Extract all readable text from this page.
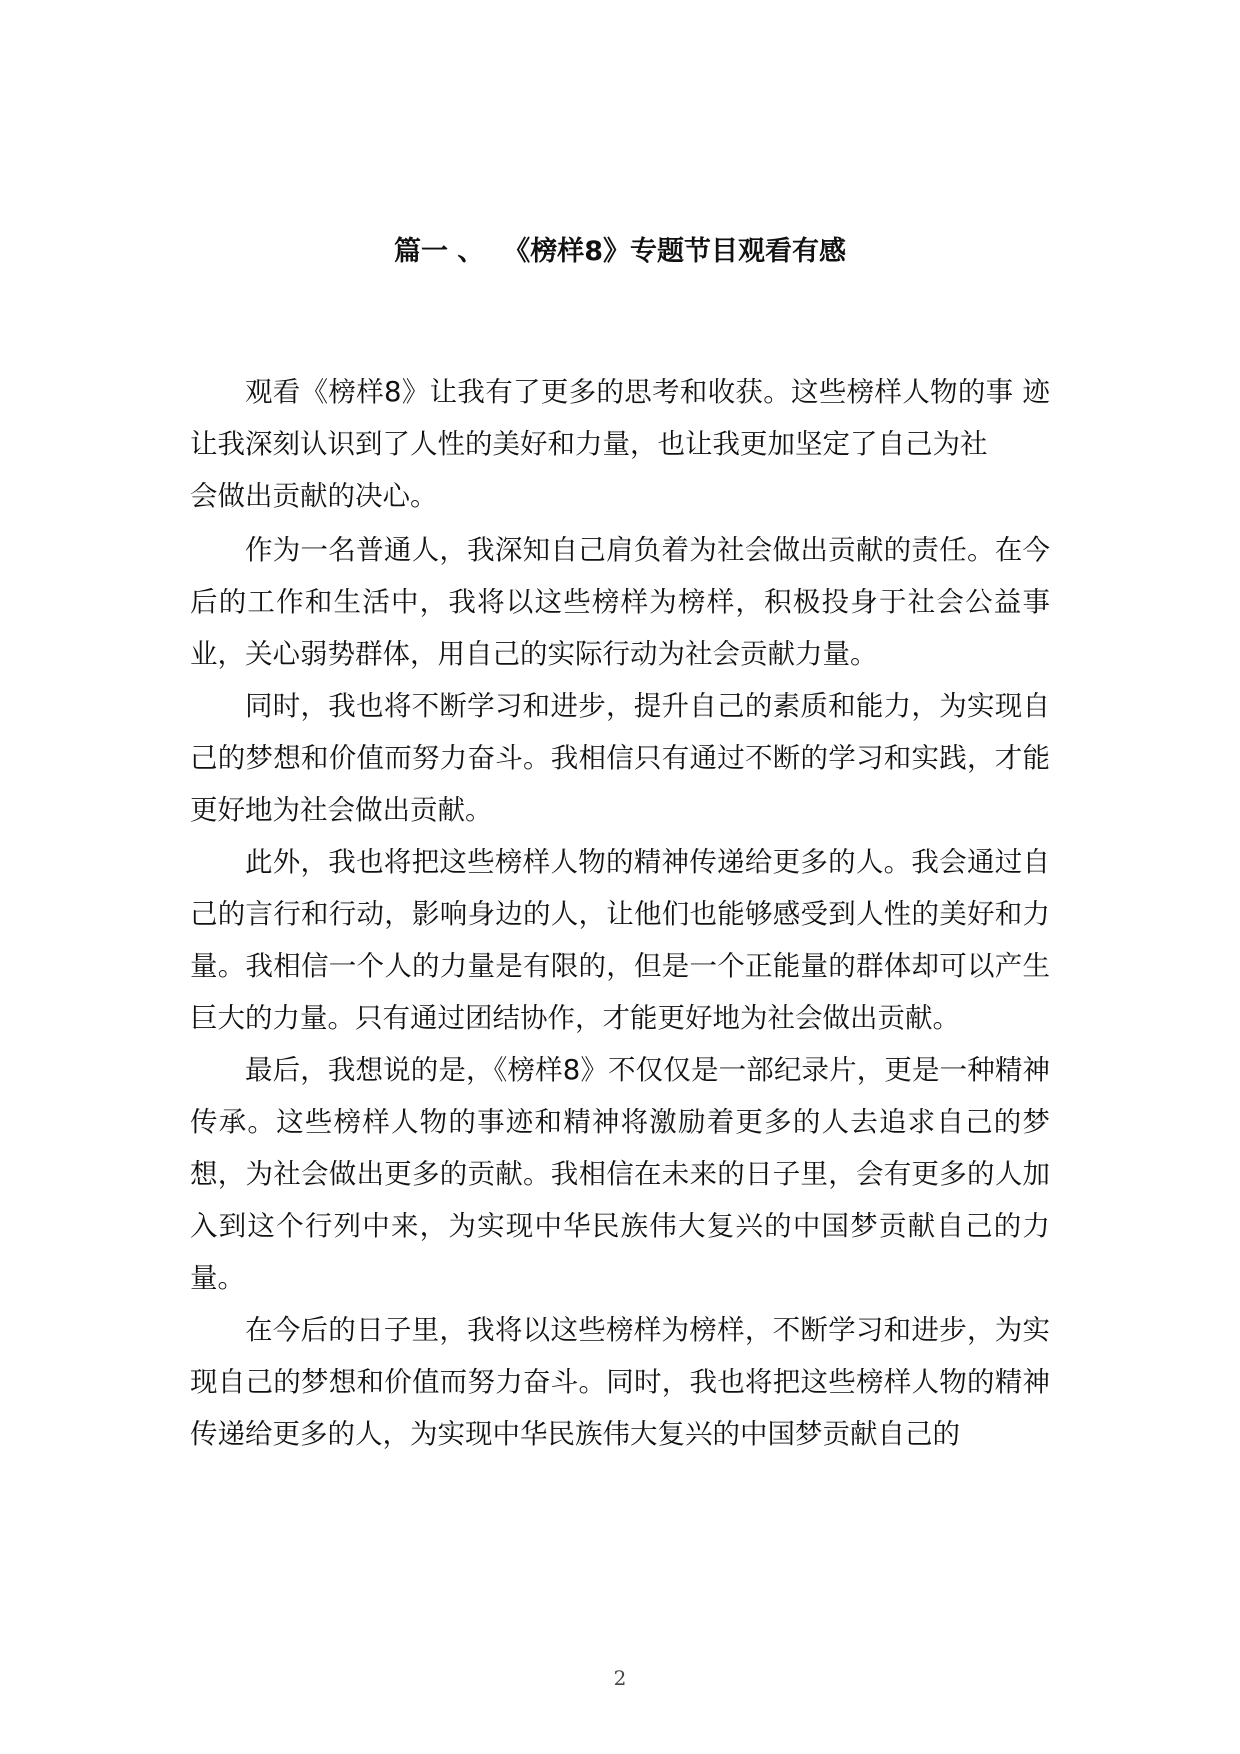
篇一 、  《榜样8》专题节目观看有感

观看《榜样8》让我有了更多的思考和收获。这些榜样人物的事 迹让我深刻认识到了人性的美好和力量，也让我更加坚定了自己为社
会做出贡献的决心。

作为一名普通人，我深知自己肩负着为社会做出贡献的责任。在今后的工作和生活中，我将以这些榜样为榜样，积极投身于社会公益事业，关心弱势群体，用自己的实际行动为社会贡献力量。

同时，我也将不断学习和进步，提升自己的素质和能力，为实现自己的梦想和价值而努力奋斗。我相信只有通过不断的学习和实践，才能更好地为社会做出贡献。

此外，我也将把这些榜样人物的精神传递给更多的人。我会通过自己的言行和行动，影响身边的人，让他们也能够感受到人性的美好和力量。我相信一个人的力量是有限的，但是一个正能量的群体却可以产生巨大的力量。只有通过团结协作，才能更好地为社会做出贡献。

最后，我想说的是，《榜样8》不仅仅是一部纪录片，更是一种精神传承。这些榜样人物的事迹和精神将激励着更多的人去追求自己的梦想，为社会做出更多的贡献。我相信在未来的日子里，会有更多的人加入到这个行列中来，为实现中华民族伟大复兴的中国梦贡献自己的力量。

在今后的日子里，我将以这些榜样为榜样，不断学习和进步，为实现自己的梦想和价值而努力奋斗。同时，我也将把这些榜样人物的精神传递给更多的人，为实现中华民族伟大复兴的中国梦贡献自己的

2
